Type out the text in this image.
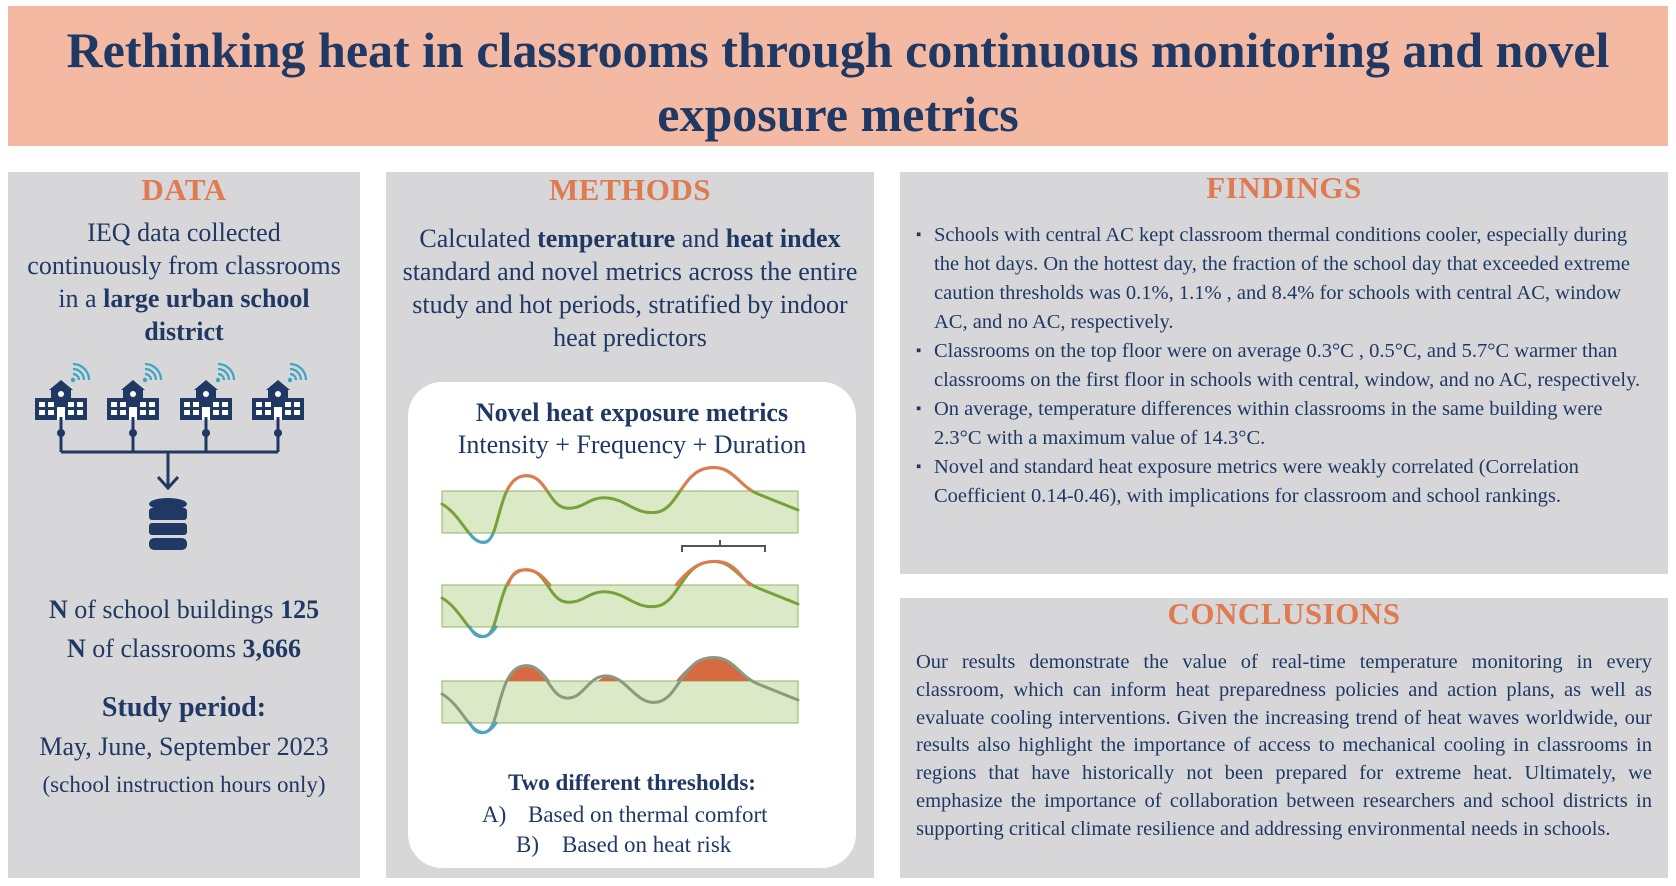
Rethinking heat in classrooms through continuous monitoring and novel exposure metrics
DATA
IEQ data collected continuously from classrooms in a large urban school district
N of school buildings 125
N of classrooms 3,666
Study period:
May, June, September 2023
(school instruction hours only)
METHODS
Calculated temperature and heat index standard and novel metrics across the entire study and hot periods, stratified by indoor heat predictors
Novel heat exposure metrics
Intensity + Frequency + Duration
Two different thresholds:
A) Based on thermal comfort
B) Based on heat risk
FINDINGS
▪ Schools with central AC kept classroom thermal conditions cooler, especially during the hot days. On the hottest day, the fraction of the school day that exceeded extreme caution thresholds was 0.1%, 1.1% , and 8.4% for schools with central AC, window AC, and no AC, respectively.
▪ Classrooms on the top floor were on average 0.3°C , 0.5°C, and 5.7°C warmer than classrooms on the first floor in schools with central, window, and no AC, respectively.
▪ On average, temperature differences within classrooms in the same building were 2.3°C with a maximum value of 14.3°C.
▪ Novel and standard heat exposure metrics were weakly correlated (Correlation Coefficient 0.14-0.46), with implications for classroom and school rankings.
CONCLUSIONS
Our results demonstrate the value of real-time temperature monitoring in every classroom, which can inform heat preparedness policies and action plans, as well as evaluate cooling interventions. Given the increasing trend of heat waves worldwide, our results also highlight the importance of access to mechanical cooling in classrooms in regions that have historically not been prepared for extreme heat. Ultimately, we emphasize the importance of collaboration between researchers and school districts in supporting critical climate resilience and addressing environmental needs in schools.
